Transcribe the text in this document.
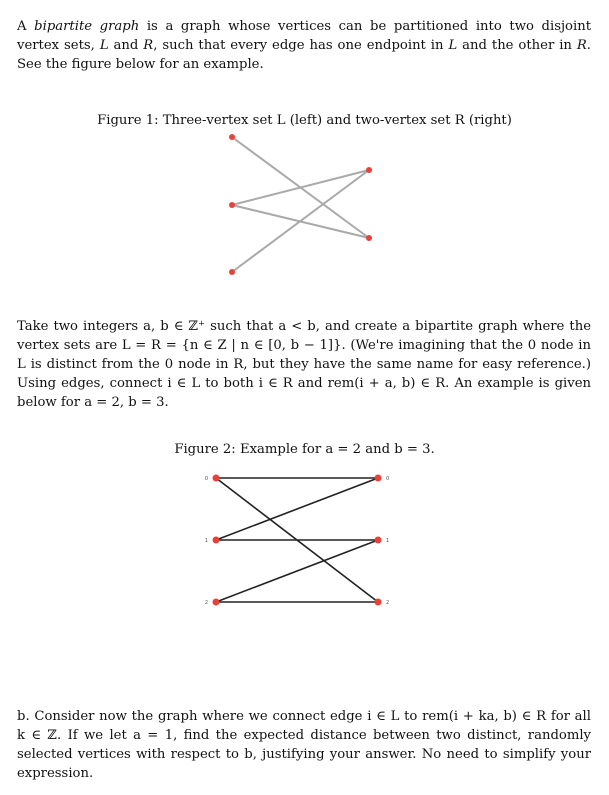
A bipartite graph is a graph whose vertices can be partitioned into two disjoint vertex sets, L and R, such that every edge has one endpoint in L and the other in R. See the figure below for an example.

Figure 1: Three-vertex set L (left) and two-vertex set R (right)

Take two integers a, b ∈ ℤ⁺ such that a < b, and create a bipartite graph where the vertex sets are L = R = {n ∈ Z | n ∈ [0, b − 1]}. (We're imagining that the 0 node in L is distinct from the 0 node in R, but they have the same name for easy reference.) Using edges, connect i ∈ L to both i ∈ R and rem(i + a, b) ∈ R. An example is given below for a = 2, b = 3.

Figure 2: Example for a = 2 and b = 3.

0
1
2
0
1
2

b. Consider now the graph where we connect edge i ∈ L to rem(i + ka, b) ∈ R for all k ∈ ℤ. If we let a = 1, find the expected distance between two distinct, randomly selected vertices with respect to b, justifying your answer. No need to simplify your expression.
